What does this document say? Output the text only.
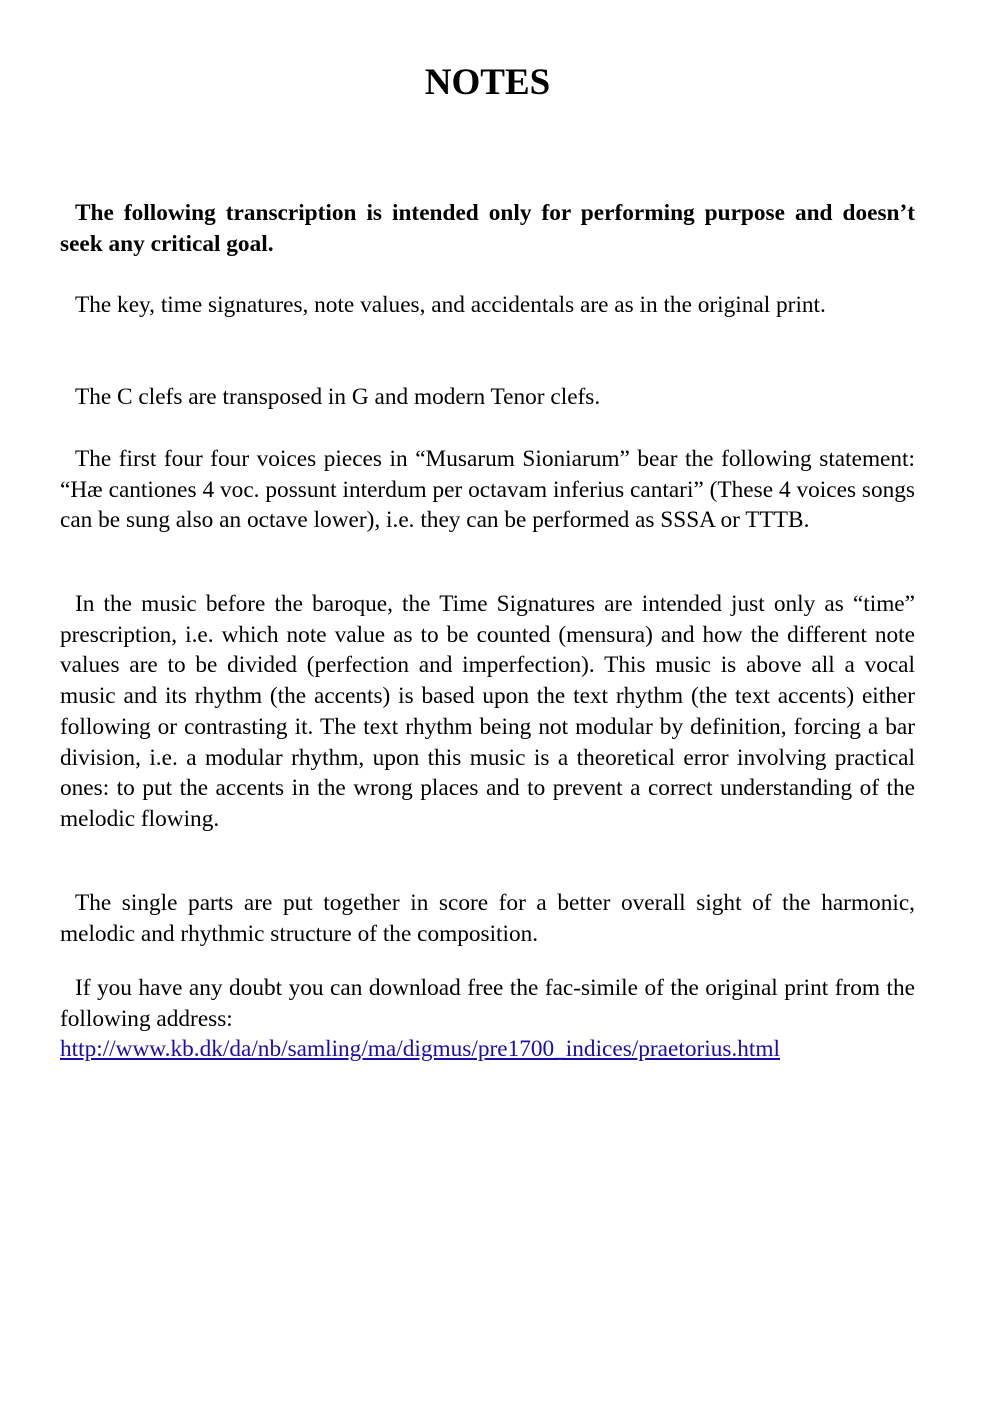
NOTES

The following transcription is intended only for performing purpose and doesn’t seek any critical goal.

The key, time signatures, note values, and accidentals are as in the original print.

The C clefs are transposed in G and modern Tenor clefs.

The first four four voices pieces in “Musarum Sioniarum” bear the following statement: “Hæ cantiones 4 voc. possunt interdum per octavam inferius cantari” (These 4 voices songs can be sung also an octave lower), i.e. they can be performed as SSSA or TTTB.

In the music before the baroque, the Time Signatures are intended just only as “time” prescription, i.e. which note value as to be counted (mensura) and how the different note values are to be divided (perfection and imperfection). This music is above all a vocal music and its rhythm (the accents) is based upon the text rhythm (the text accents) either following or contrasting it. The text rhythm being not modular by definition, forcing a bar division, i.e. a modular rhythm, upon this music is a theoretical error involving practical ones: to put the accents in the wrong places and to prevent a correct understanding of the melodic flowing.

The single parts are put together in score for a better overall sight of the harmonic, melodic and rhythmic structure of the composition.

If you have any doubt you can download free the fac-simile of the original print from the following address:
http://www.kb.dk/da/nb/samling/ma/digmus/pre1700_indices/praetorius.html
